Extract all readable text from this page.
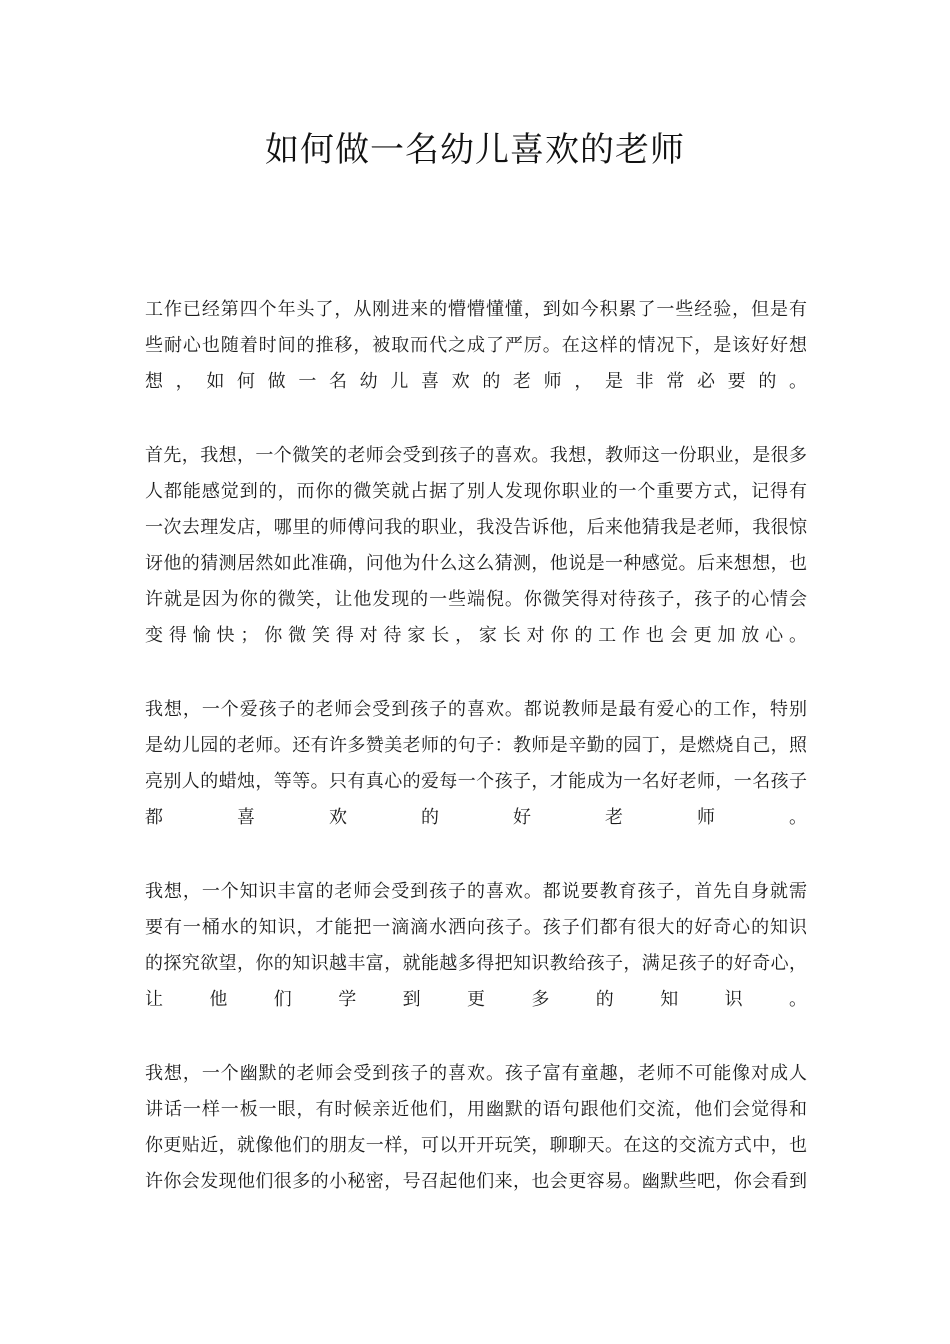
如何做一名幼儿喜欢的老师
工作已经第四个年头了，从刚进来的懵懵懂懂，到如今积累了一些经验，但是有
些耐心也随着时间的推移，被取而代之成了严厉。在这样的情况下，是该好好想
想，如何做一名幼儿喜欢的老师，是非常必要的。
首先，我想，一个微笑的老师会受到孩子的喜欢。我想，教师这一份职业，是很多
人都能感觉到的，而你的微笑就占据了别人发现你职业的一个重要方式，记得有
一次去理发店，哪里的师傅问我的职业，我没告诉他，后来他猜我是老师，我很惊
讶他的猜测居然如此准确，问他为什么这么猜测，他说是一种感觉。后来想想，也
许就是因为你的微笑，让他发现的一些端倪。你微笑得对待孩子，孩子的心情会
变得愉快；你微笑得对待家长，家长对你的工作也会更加放心。
我想，一个爱孩子的老师会受到孩子的喜欢。都说教师是最有爱心的工作，特别
是幼儿园的老师。还有许多赞美老师的句子：教师是辛勤的园丁，是燃烧自己，照
亮别人的蜡烛，等等。只有真心的爱每一个孩子，才能成为一名好老师，一名孩子
都喜欢的好老师。
我想，一个知识丰富的老师会受到孩子的喜欢。都说要教育孩子，首先自身就需
要有一桶水的知识，才能把一滴滴水洒向孩子。孩子们都有很大的好奇心的知识
的探究欲望，你的知识越丰富，就能越多得把知识教给孩子，满足孩子的好奇心，
让他们学到更多的知识。
我想，一个幽默的老师会受到孩子的喜欢。孩子富有童趣，老师不可能像对成人
讲话一样一板一眼，有时候亲近他们，用幽默的语句跟他们交流，他们会觉得和
你更贴近，就像他们的朋友一样，可以开开玩笑，聊聊天。在这的交流方式中，也
许你会发现他们很多的小秘密，号召起他们来，也会更容易。幽默些吧，你会看到
